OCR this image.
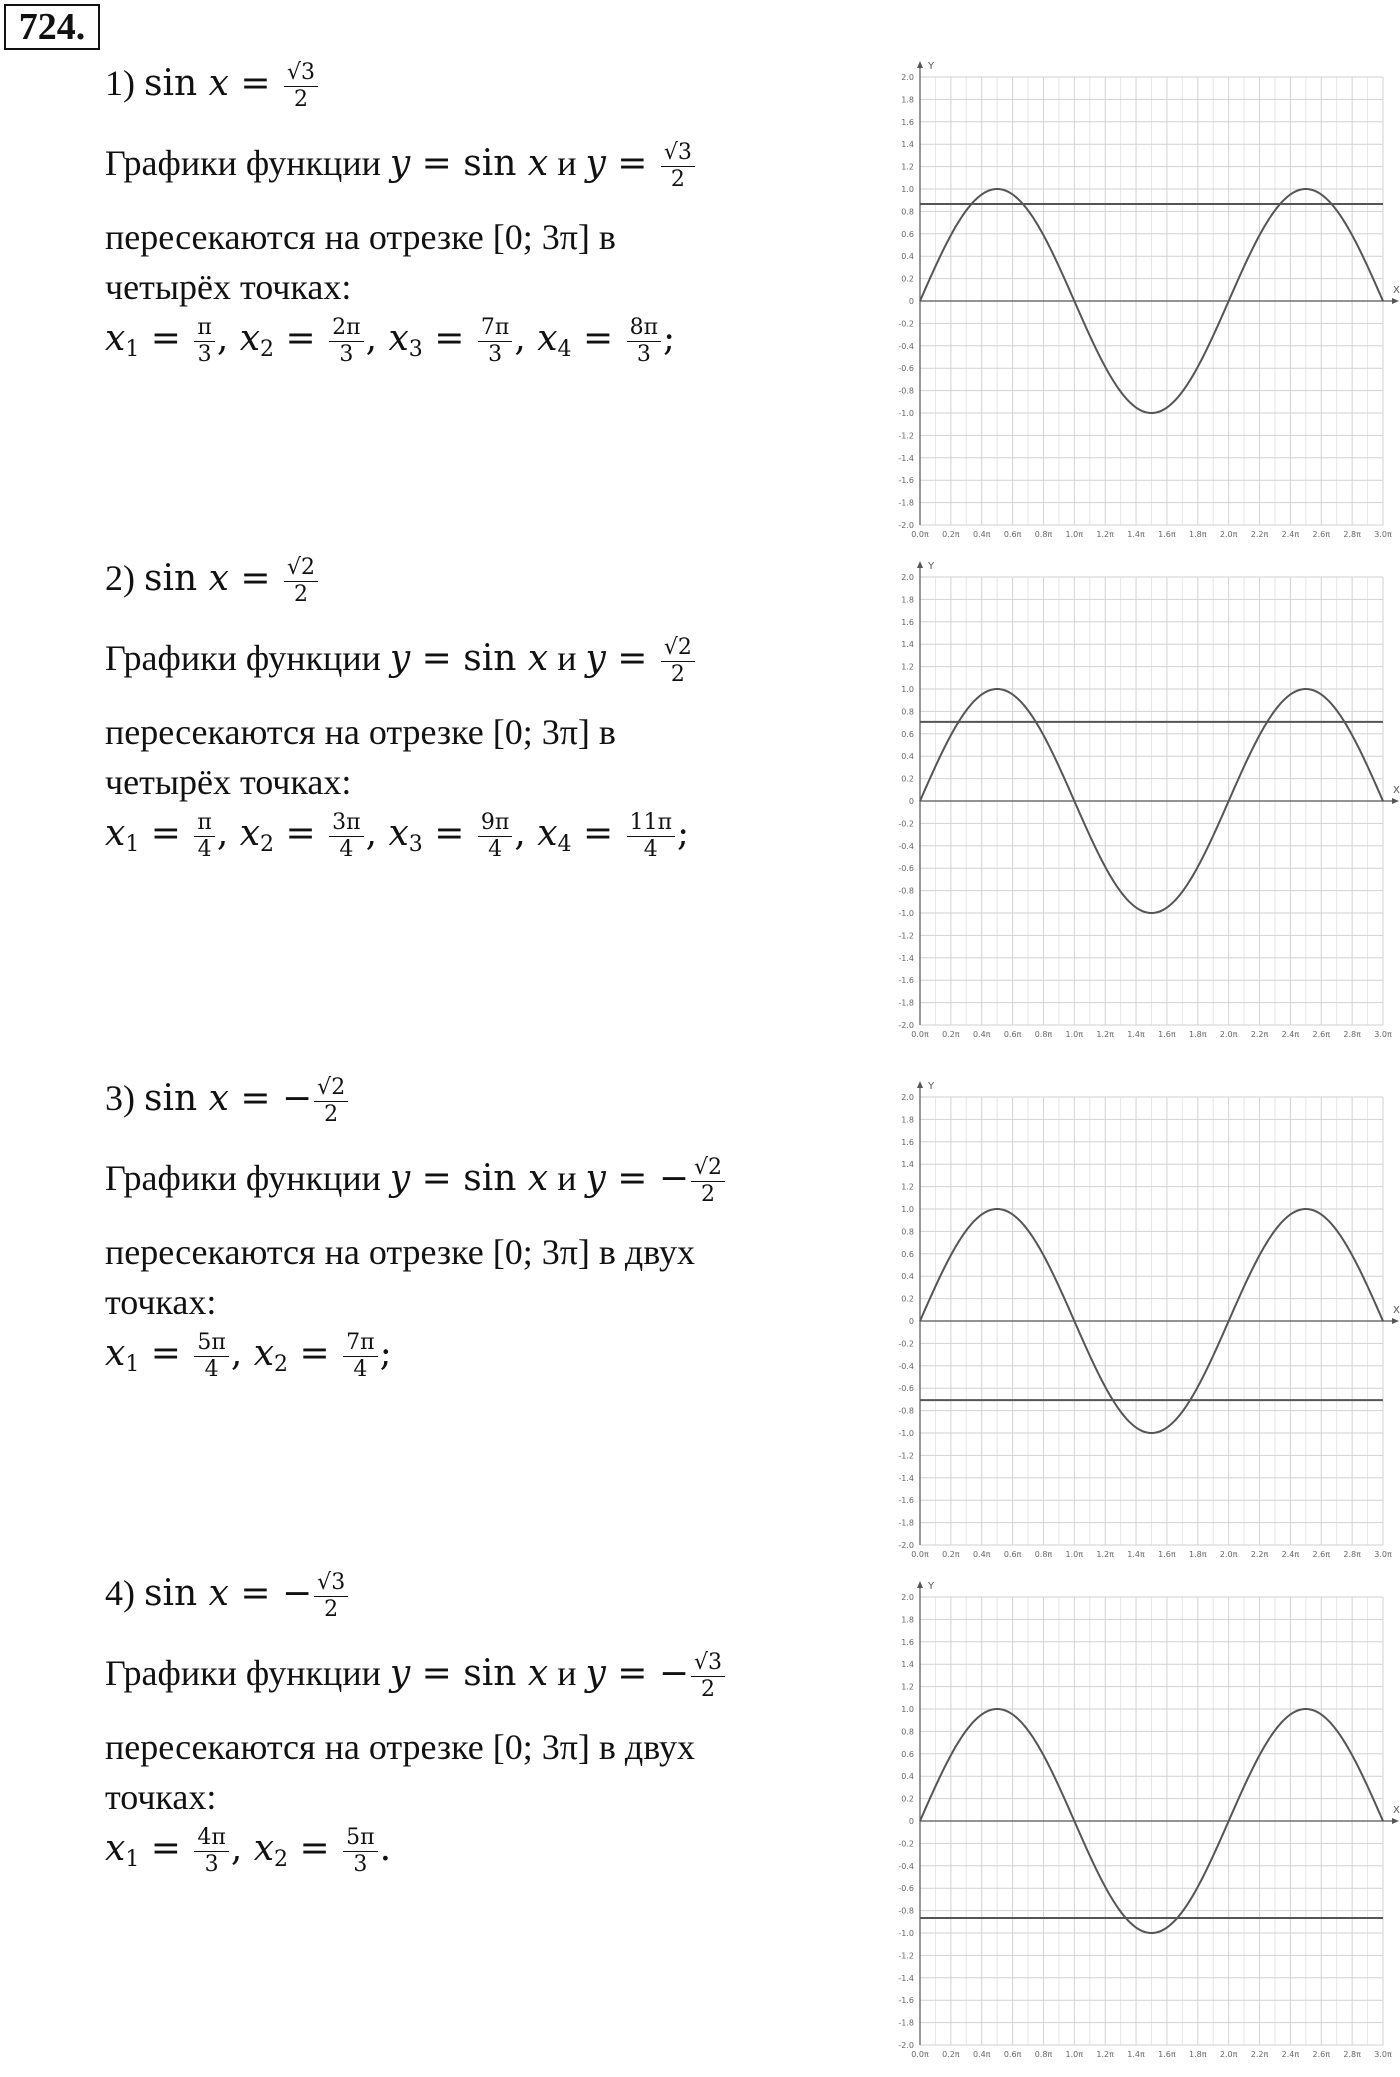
724.
1) $\sin x = \frac{√3}{2}$
Графики функции y = sin x и $y = \frac{√3}{2}$
пересекаются на отрезке [0; 3π] в
четырёх точках:
$x_1 = \frac{\pi}{3}$ , $x_2 = \frac{2\pi}{3}$ , $x_3 = \frac{7\pi}{3}$ , $x_4 = \frac{8\pi}{3}$ ;
2) $\sin x = \frac{√2}{2}$
Графики функции y = sin x и $y = \frac{√2}{2}$
пересекаются на отрезке [0; 3π] в
четырёх точках:
$x_1 = \frac{\pi}{4}$ , $x_2 = \frac{3\pi}{4}$ , $x_3 = \frac{9\pi}{4}$ , $x_4 = \frac{11\pi}{4}$ ;
3) sin x = − $\frac{√2}{2}$
Графики функции y = sin x и y = − $\frac{√2}{2}$
пересекаются на отрезке [0; 3π] в двух
точках:
$x_1 = \frac{5\pi}{4}$ , $x_2 = \frac{7\pi}{4}$ ;
4) sin x = − $\frac{√3}{2}$
Графики функции y = sin x и y = − $\frac{√3}{2}$
пересекаются на отрезке [0; 3π] в двух
точках:
$x_1 = \frac{4\pi}{3}$ , $x_2 = \frac{5\pi}{3}$ .
X
Y
0.0π 0.2π 0.4π 0.6π 0.8π 1.0π 1.2π 1.4π 1.6π 1.8π 2.0π 2.2π 2.4π 2.6π 2.8π 3.0π
2.0
1.8
1.6
1.4
1.2
1.0
0.8
0.6
0.4
0.2
0
-0.2
-0.4
-0.6
-0.8
-1.0
-1.2
-1.4
-1.6
-1.8
-2.0
X
Y
0.0π 0.2π 0.4π 0.6π 0.8π 1.0π 1.2π 1.4π 1.6π 1.8π 2.0π 2.2π 2.4π 2.6π 2.8π 3.0π
2.0
1.8
1.6
1.4
1.2
1.0
0.8
0.6
0.4
0.2
0
-0.2
-0.4
-0.6
-0.8
-1.0
-1.2
-1.4
-1.6
-1.8
-2.0
X
Y
0.0π 0.2π 0.4π 0.6π 0.8π 1.0π 1.2π 1.4π 1.6π 1.8π 2.0π 2.2π 2.4π 2.6π 2.8π 3.0π
2.0
1.8
1.6
1.4
1.2
1.0
0.8
0.6
0.4
0.2
0
-0.2
-0.4
-0.6
-0.8
-1.0
-1.2
-1.4
-1.6
-1.8
-2.0
X
Y
0.0π 0.2π 0.4π 0.6π 0.8π 1.0π 1.2π 1.4π 1.6π 1.8π 2.0π 2.2π 2.4π 2.6π 2.8π 3.0π
2.0
1.8
1.6
1.4
1.2
1.0
0.8
0.6
0.4
0.2
0
-0.2
-0.4
-0.6
-0.8
-1.0
-1.2
-1.4
-1.6
-1.8
-2.0
